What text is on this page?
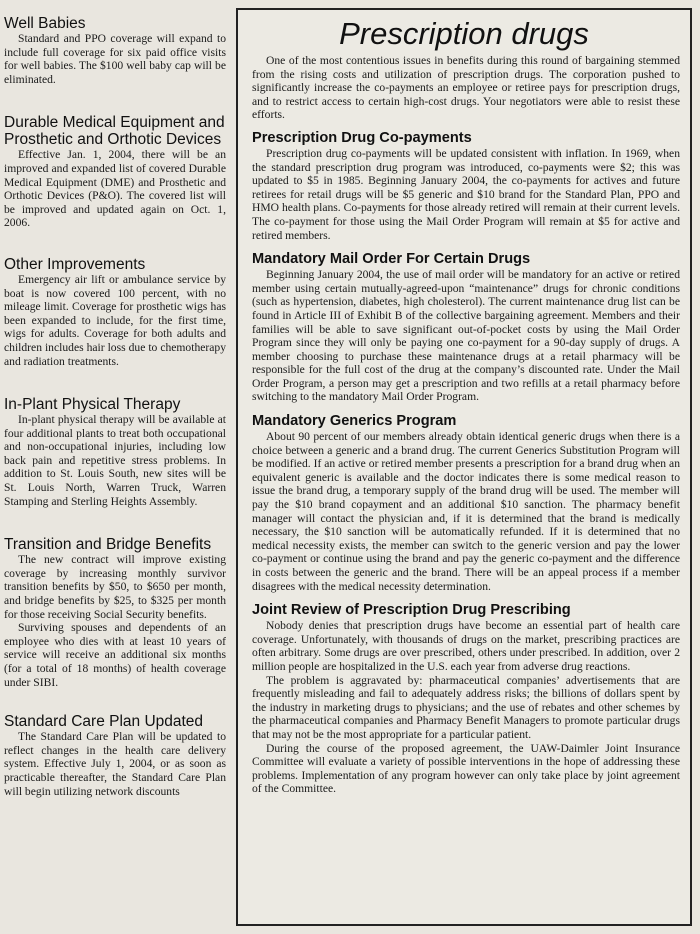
Well Babies

Standard and PPO coverage will expand to include full coverage for six paid office visits for well babies. The $100 well baby cap will be eliminated.

Durable Medical Equipment and Prosthetic and Orthotic Devices

Effective Jan. 1, 2004, there will be an improved and expanded list of covered Durable Medical Equipment (DME) and Prosthetic and Orthotic Devices (P&O). The covered list will be improved and updated again on Oct. 1, 2006.

Other Improvements

Emergency air lift or ambulance service by boat is now covered 100 percent, with no mileage limit. Coverage for prosthetic wigs has been expanded to include, for the first time, wigs for adults. Coverage for both adults and children includes hair loss due to chemotherapy and radiation treatments.

In-Plant Physical Therapy

In-plant physical therapy will be available at four additional plants to treat both occupational and non-occupational injuries, including low back pain and repetitive stress problems. In addition to St. Louis South, new sites will be St. Louis North, Warren Truck, Warren Stamping and Sterling Heights Assembly.

Transition and Bridge Benefits

The new contract will improve existing coverage by increasing monthly survivor transition benefits by $50, to $650 per month, and bridge benefits by $25, to $325 per month for those receiving Social Security benefits.

Surviving spouses and dependents of an employee who dies with at least 10 years of service will receive an additional six months (for a total of 18 months) of health coverage under SIBI.

Standard Care Plan Updated

The Standard Care Plan will be updated to reflect changes in the health care delivery system. Effective July 1, 2004, or as soon as practicable thereafter, the Standard Care Plan will begin utilizing network discounts

Prescription drugs

One of the most contentious issues in benefits during this round of bargaining stemmed from the rising costs and utilization of prescription drugs. The corporation pushed to significantly increase the co-payments an employee or retiree pays for prescription drugs, and to restrict access to certain high-cost drugs. Your negotiators were able to resist these efforts.

Prescription Drug Co-payments

Prescription drug co-payments will be updated consistent with inflation. In 1969, when the standard prescription drug program was introduced, co-payments were $2; this was updated to $5 in 1985. Beginning January 2004, the co-payments for actives and future retirees for retail drugs will be $5 generic and $10 brand for the Standard Plan, PPO and HMO health plans. Co-payments for those already retired will remain at their current levels. The co-payment for those using the Mail Order Program will remain at $5 for active and retired members.

Mandatory Mail Order For Certain Drugs

Beginning January 2004, the use of mail order will be mandatory for an active or retired member using certain mutually-agreed-upon “maintenance” drugs for chronic conditions (such as hypertension, diabetes, high cholesterol). The current maintenance drug list can be found in Article III of Exhibit B of the collective bargaining agreement. Members and their families will be able to save significant out-of-pocket costs by using the Mail Order Program since they will only be paying one co-payment for a 90-day supply of drugs. A member choosing to purchase these maintenance drugs at a retail pharmacy will be responsible for the full cost of the drug at the company’s discounted rate. Under the Mail Order Program, a person may get a prescription and two refills at a retail pharmacy before switching to the mandatory Mail Order Program.

Mandatory Generics Program

About 90 percent of our members already obtain identical generic drugs when there is a choice between a generic and a brand drug. The current Generics Substitution Program will be modified. If an active or retired member presents a prescription for a brand drug when an equivalent generic is available and the doctor indicates there is some medical reason to issue the brand drug, a temporary supply of the brand drug will be used. The member will pay the $10 brand copayment and an additional $10 sanction. The pharmacy benefit manager will contact the physician and, if it is determined that the brand is medically necessary, the $10 sanction will be automatically refunded. If it is determined that no medical necessity exists, the member can switch to the generic version and pay the lower co-payment or continue using the brand and pay the generic co-payment and the difference in costs between the generic and the brand. There will be an appeal process if a member disagrees with the medical necessity determination.

Joint Review of Prescription Drug Prescribing

Nobody denies that prescription drugs have become an essential part of health care coverage. Unfortunately, with thousands of drugs on the market, prescribing practices are often arbitrary. Some drugs are over prescribed, others under prescribed. In addition, over 2 million people are hospitalized in the U.S. each year from adverse drug reactions.

The problem is aggravated by: pharmaceutical companies’ advertisements that are frequently misleading and fail to adequately address risks; the billions of dollars spent by the industry in marketing drugs to physicians; and the use of rebates and other schemes by the pharmaceutical companies and Pharmacy Benefit Managers to promote particular drugs that may not be the most appropriate for a particular patient.

During the course of the proposed agreement, the UAW-Daimler Joint Insurance Committee will evaluate a variety of possible interventions in the hope of addressing these problems. Implementation of any program however can only take place by joint agreement of the Committee.
